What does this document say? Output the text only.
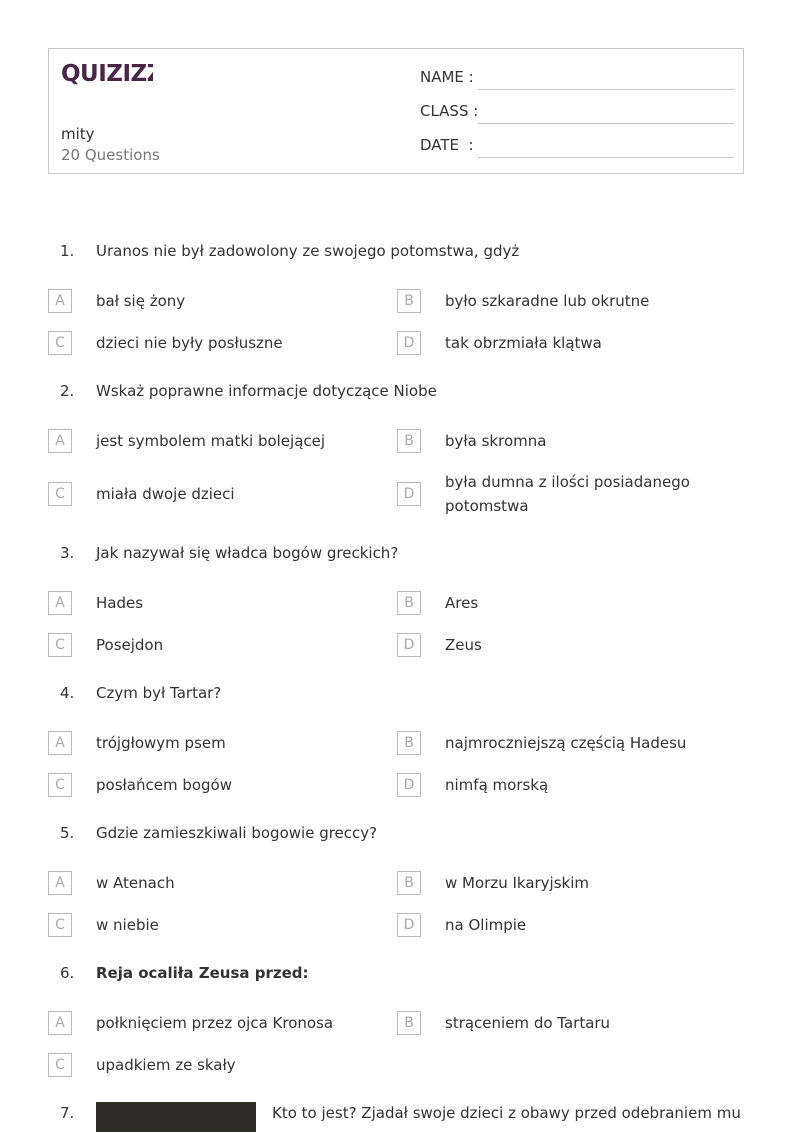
QUIZIZZ
mity
20 Questions
NAME :
CLASS :
DATE  :
1. Uranos nie był zadowolony ze swojego potomstwa, gdyż
A	bał się żony	B	było szkaradne lub okrutne
C	dzieci nie były posłuszne	D	tak obrzmiała klątwa
2. Wskaż poprawne informacje dotyczące Niobe
A	jest symbolem matki bolejącej	B	była skromna
C	miała dwoje dzieci	D
była dumna z ilości posiadanego potomstwa
3. Jak nazywał się władca bogów greckich?
A	Hades	B	Ares
C	Posejdon	D	Zeus
4. Czym był Tartar?
A	trójgłowym psem	B	najmroczniejszą częścią Hadesu
C	posłańcem bogów	D	nimfą morską
5. Gdzie zamieszkiwali bogowie greccy?
A	w Atenach	B	w Morzu Ikaryjskim
C	w niebie	D	na Olimpie
6. Reja ocaliła Zeusa przed:
A	połknięciem przez ojca Kronosa	B	strąceniem do Tartaru
C	upadkiem ze skały
7.	Kto to jest? Zjadał swoje dzieci z obawy przed odebraniem mu
